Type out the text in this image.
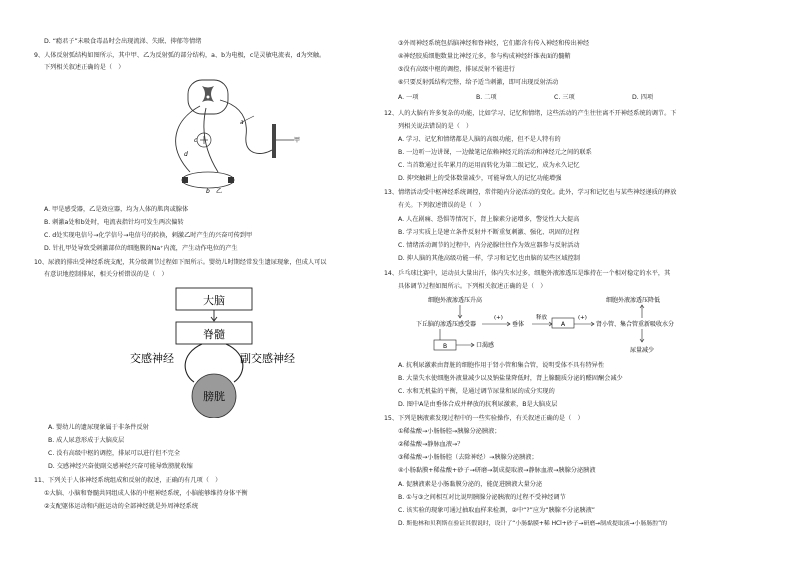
D. “瘾君子”未吸食毒品时会出现流涕、失眠、抑郁等情绪
9、人体反射弧结构如图所示，其中甲、乙为反射弧的部分结构，a、b为电极，c是灵敏电流表，d为突触。
下列相关叙述正确的是（　）
甲
a
c
d
b 乙
A. 甲是感受器，乙是效应器，均为人体的肌肉或腺体
B. 刺激a处和b处时，电流表指针均可发生两次偏转
C. d处实现电信号→化学信号→电信号的转换，刺激乙时产生的兴奋可传到甲
D. 针扎甲处导致受刺激部位的细胞膜的Na⁺内流，产生动作电位的产生
10、尿液的排出受神经系统支配，其分级调节过程如下图所示。婴幼儿时期经常发生遗尿现象，但成人可以
有意识地控制排尿，相关分析错误的是（　）
大脑
脊髓
交感神经	副交感神经
膀胱
A. 婴幼儿的遗尿现象属于非条件反射
B. 成人尿意形成于大脑皮层
C. 没有高级中枢的调控，排尿可以进行但不完全
D. 交感神经兴奋使副交感神经兴奋可能导致膀胱收缩
11、下列关于人体神经系统组成和反射的叙述，正确的有几项（　）
①大脑、小脑和脊髓共同组成人体的中枢神经系统，小脑能够维持身体平衡
②支配躯体运动和内脏运动的全部神经就是外周神经系统
③外周神经系统包括脑神经和脊神经，它们都含有传入神经和传出神经
④神经胶质细胞数量比神经元多，参与构成神经纤维表面的髓鞘
⑤没有高级中枢的调控，排尿反射不能进行
⑥只要反射弧结构完整，给予适当刺激，即可出现反射活动
A. 一项	B. 二项	C. 三项	D. 四项
12、人的大脑有许多复杂的功能，比如学习、记忆和情绪，这些活动的产生往往离不开神经系统的调节。下
列相关说法错误的是（　）
A. 学习、记忆和情绪都是人脑的高级功能，但不是人特有的
B. 一边听一边讲课，一边做笔记依赖神经元的活动和神经元之间的联系
C. 当首数通过长年累月的运用而转化为第二级记忆，成为永久记忆
D. 抑突触耕上的受体数量减少，可能导致人的记忆功能增强
13、情绪活动受中枢神经系统调控，常伴随内分泌活动的变化。此外，学习和记忆也与某些神经递质的释放
有关。下列叙述错误的是（　）
A. 人在剧痛、恐惧等情况下，肾上腺素分泌增多，警觉性大大提高
B. 学习实质上是建立条件反射并不断重复刺激、强化、巩固的过程
C. 情绪活动调节的过程中，内分泌腺往往作为效应器参与反射活动
D. 抑人脑的其他高级功能一样，学习和记忆也由脑的某些区域控制
14、乒乓球比赛中，运动员大量出汗，体内失水过多，细胞外液渗透压是维持在一个相对稳定的水平，其
具体调节过程如图所示。下列相关叙述正确的是（　）
细胞外液渗透压升高	细胞外液渗透压降低
下丘脑的渗透压感受器
(+)
垂体
释放
A
(+)
肾小管、集合管重新吸收水分
B	口渴感
尿量减少
A. 抗利尿激素由肾脏的细胞作用于肾小管和集合管，说明受体不具有特异性
B. 大量失水使细胞外液量减少以及钠盐量降低时，肾上腺髓质分泌的醛固酮会减少
C. 水和无机盐的平衡，是通过调节尿量和尿的成分实现的
D. 图中A是由垂体合成并释放的抗利尿激素，B是大脑皮层
15、下列是胰液素发现过程中的一些实验操作，有关叙述正确的是（　）
①稀盐酸→小肠肠腔→胰腺分泌胰液；
②稀盐酸→静脉血液→？
③稀盐酸→小肠肠腔（去除神经）→胰腺分泌胰液；
④小肠黏膜+稀盐酸+砂子→研磨→制成提取液→静脉血液→胰腺分泌胰液
A. 促胰液素是小肠黏膜分泌的，能促进胰液大量分泌
B. ①与③之间相互对比说明胰腺分泌胰液的过程不受神经调节
C. 该实验的现象可通过抽取血样来检测，②中“?”应为“胰腺不分泌胰液”
D. 斯他林和贝利斯在验证其假说时，设计了“小肠黏膜+稀 HCl+砂子→研磨→制成提取液→小肠肠腔”的
